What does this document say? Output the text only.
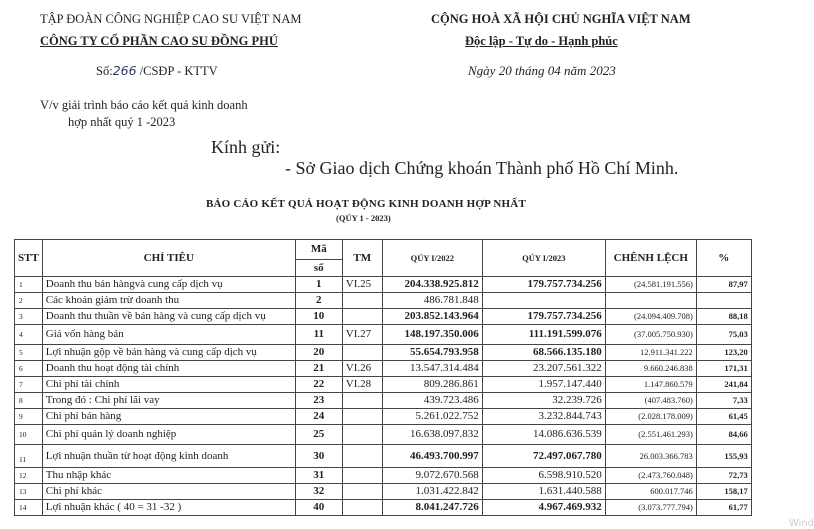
TẬP ĐOÀN CÔNG NGHIỆP CAO SU VIỆT NAM
CÔNG TY CỔ PHẦN CAO SU ĐỒNG PHÚ
CỘNG HOÀ XÃ HỘI CHỦ NGHĨA VIỆT NAM
Độc lập - Tự do - Hạnh phúc
Số:266 /CSĐP - KTTV	Ngày 20 tháng 04 năm 2023
V/v giải trình báo cáo kết quả kinh doanh
hợp nhất quý 1 -2023
Kính gửi:
- Sở Giao dịch Chứng khoán Thành phố Hồ Chí Minh.
BÁO CÁO KẾT QUẢ HOẠT ĐỘNG KINH DOANH HỢP NHẤT
(QÚY 1 - 2023)
STT	CHỈ TIÊU	Mã	TM	QÚY I/2022	QÚY I/2023	CHÊNH LỆCH	%
		số					
1	Doanh thu bán hàngvà cung cấp dịch vụ	1	VI.25	204.338.925.812	179.757.734.256	(24.581.191.556)	87,97
2	Các khoản giảm trừ doanh thu	2		486.781.848			
3	Doanh thu thuần về bán hàng và cung cấp dịch vụ	10		203.852.143.964	179.757.734.256	(24.094.409.708)	88,18
4	Giá vốn hàng bán	11	VI.27	148.197.350.006	111.191.599.076	(37.005.750.930)	75,03
5	Lợi nhuận gộp về bán hàng và cung cấp dịch vụ	20		55.654.793.958	68.566.135.180	12.911.341.222	123,20
6	Doanh thu hoạt động tài chính	21	VI.26	13.547.314.484	23.207.561.322	9.660.246.838	171,31
7	Chi phí tài chính	22	VI.28	809.286.861	1.957.147.440	1.147.860.579	241,84
8	Trong đó : Chi phí lãi vay	23		439.723.486	32.239.726	(407.483.760)	7,33
9	Chi phí bán hàng	24		5.261.022.752	3.232.844.743	(2.028.178.009)	61,45
10	Chi phí quản lý doanh nghiệp	25		16.638.097.832	14.086.636.539	(2.551.461.293)	84,66
11	Lợi nhuận thuần từ hoạt động kinh doanh	30		46.493.700.997	72.497.067.780	26.003.366.783	155,93
12	Thu nhập khác	31		9.072.670.568	6.598.910.520	(2.473.760.048)	72,73
13	Chi phí khác	32		1.031.422.842	1.631.440.588	600.017.746	158,17
14	Lợi nhuận khác ( 40 = 31 -32 )	40		8.041.247.726	4.967.469.932	(3.073.777.794)	61,77
Wind
